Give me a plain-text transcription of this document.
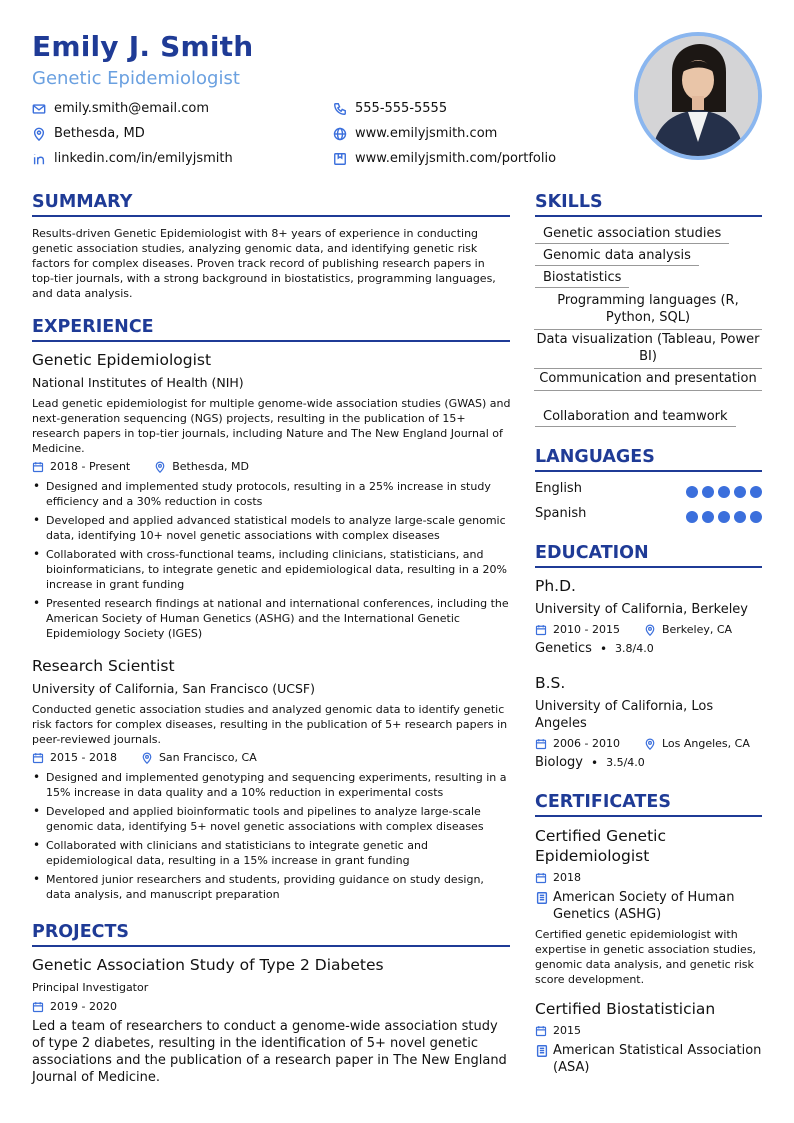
Emily J. Smith
Genetic Epidemiologist
emily.smith@email.com
Bethesda, MD
linkedin.com/in/emilyjsmith
555-555-5555
www.emilyjsmith.com
www.emilyjsmith.com/portfolio
SUMMARY
Results-driven Genetic Epidemiologist with 8+ years of experience in conducting genetic association studies, analyzing genomic data, and identifying genetic risk factors for complex diseases. Proven track record of publishing research papers in top-tier journals, with a strong background in biostatistics, programming languages, and data analysis.
EXPERIENCE
Genetic Epidemiologist
National Institutes of Health (NIH)
Lead genetic epidemiologist for multiple genome-wide association studies (GWAS) and next-generation sequencing (NGS) projects, resulting in the publication of 15+ research papers in top-tier journals, including Nature and The New England Journal of Medicine.
2018 - Present	Bethesda, MD
• Designed and implemented study protocols, resulting in a 25% increase in study efficiency and a 30% reduction in costs
• Developed and applied advanced statistical models to analyze large-scale genomic data, identifying 10+ novel genetic associations with complex diseases
• Collaborated with cross-functional teams, including clinicians, statisticians, and bioinformaticians, to integrate genetic and epidemiological data, resulting in a 20% increase in grant funding
• Presented research findings at national and international conferences, including the American Society of Human Genetics (ASHG) and the International Genetic Epidemiology Society (IGES)
Research Scientist
University of California, San Francisco (UCSF)
Conducted genetic association studies and analyzed genomic data to identify genetic risk factors for complex diseases, resulting in the publication of 5+ research papers in peer-reviewed journals.
2015 - 2018	San Francisco, CA
• Designed and implemented genotyping and sequencing experiments, resulting in a 15% increase in data quality and a 10% reduction in experimental costs
• Developed and applied bioinformatic tools and pipelines to analyze large-scale genomic data, identifying 5+ novel genetic associations with complex diseases
• Collaborated with clinicians and statisticians to integrate genetic and epidemiological data, resulting in a 15% increase in grant funding
• Mentored junior researchers and students, providing guidance on study design, data analysis, and manuscript preparation
PROJECTS
Genetic Association Study of Type 2 Diabetes
Principal Investigator
2019 - 2020
Led a team of researchers to conduct a genome-wide association study of type 2 diabetes, resulting in the identification of 5+ novel genetic associations and the publication of a research paper in The New England Journal of Medicine.
SKILLS
Genetic association studies
Genomic data analysis
Biostatistics
Programming languages (R, Python, SQL)
Data visualization (Tableau, Power BI)
Communication and presentation
Collaboration and teamwork
LANGUAGES
English
Spanish
EDUCATION
Ph.D.
University of California, Berkeley
2010 - 2015	Berkeley, CA
Genetics • 3.8/4.0
B.S.
University of California, Los Angeles
2006 - 2010	Los Angeles, CA
Biology • 3.5/4.0
CERTIFICATES
Certified Genetic Epidemiologist
2018
American Society of Human Genetics (ASHG)
Certified genetic epidemiologist with expertise in genetic association studies, genomic data analysis, and genetic risk score development.
Certified Biostatistician
2015
American Statistical Association (ASA)
